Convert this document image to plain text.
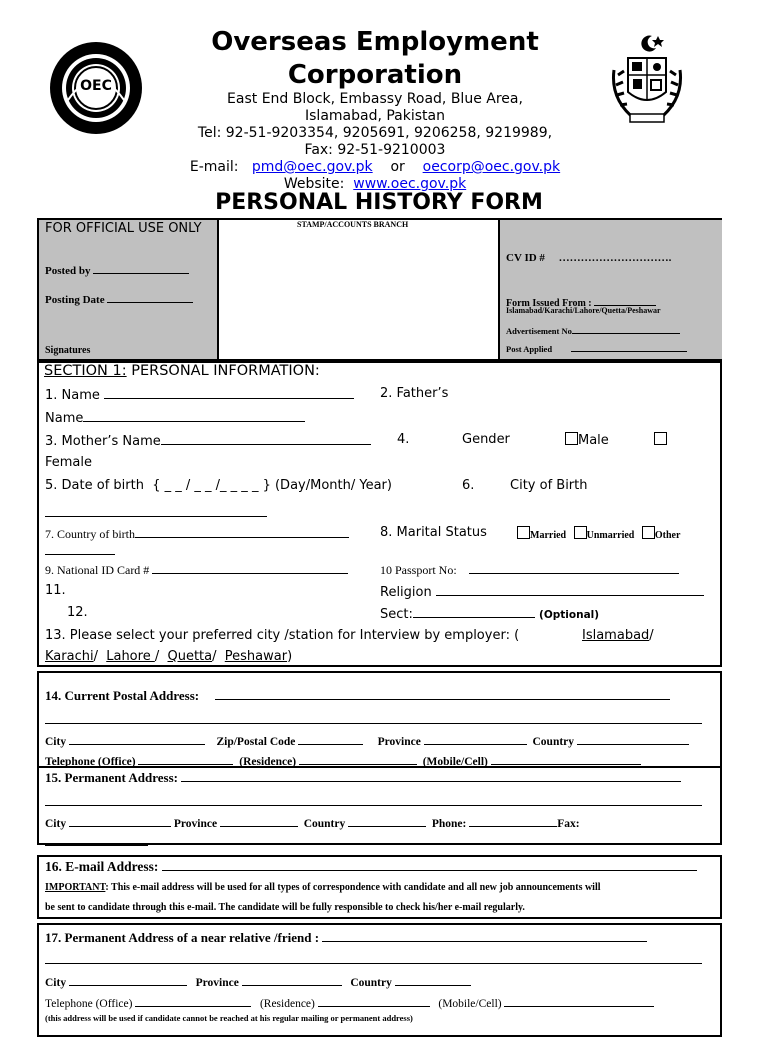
OEC
Overseas Employment
Corporation
East End Block, Embassy Road, Blue Area,
Islamabad, Pakistan
Tel: 92-51-9203354, 9205691, 9206258, 9219989,
Fax: 92-51-9210003
E-mail: pmd@oec.gov.pk or oecorp@oec.gov.pk
Website: www.oec.gov.pk
PERSONAL HISTORY FORM
FOR OFFICIAL USE ONLY
Posted by
Posting Date
Signatures
STAMP/ACCOUNTS BRANCH
CV ID # ………………………….
Form Issued From :
Islamabad/Karachi/Lahore/Quetta/Peshawar
Advertisement No
Post Applied
SECTION 1: PERSONAL INFORMATION:
1. Name	2. Father’s
Name
3. Mother’s Name	4.	Gender	Male
Female
5. Date of birth { _ _ / _ _ /_ _ _ _ } (Day/Month/ Year)	6.	City of Birth
7. Country of birth	8. Marital Status	Married Unmarried Other
9. National ID Card #	10 Passport No:
11.	Religion
12.	Sect:	(Optional)
13. Please select your preferred city /station for Interview by employer: (	Islamabad/
Karachi/  Lahore /  Quetta/  Peshawar)
14. Current Postal Address:
City	Zip/Postal Code	Province	Country
Telephone (Office)	(Residence)	(Mobile/Cell)
15. Permanent Address:
City	Province	Country	Phone:	Fax:
16. E-mail Address:
IMPORTANT: This e-mail address will be used for all types of correspondence with candidate and all new job announcements will
be sent to candidate through this e-mail. The candidate will be fully responsible to check his/her e-mail regularly.
17. Permanent Address of a near relative /friend :
City	Province	Country
Telephone (Office)	(Residence)	(Mobile/Cell)
(this address will be used if candidate cannot be reached at his regular mailing or permanent address)
